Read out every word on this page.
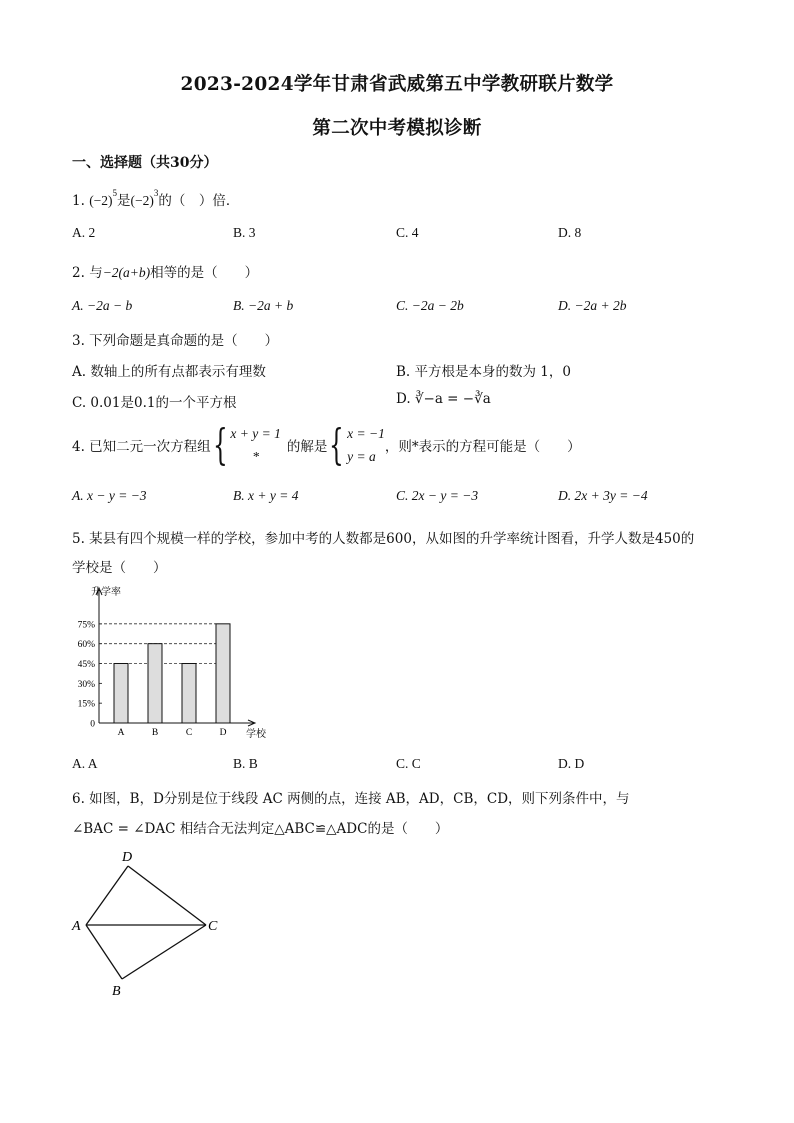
2023-2024学年甘肃省武威第五中学教研联片数学
第二次中考模拟诊断
一、选择题（共30分）
1. $(-2)^5$是$(-2)^3$的（　）倍．
A. 2	B. 3	C. 4	D. 8
2. 与−2(a+b)相等的是（　　）
A. −2a − b	B. −2a + b	C. −2a − 2b	D. −2a + 2b
3. 下列命题是真命题的是（　　）
A. 数轴上的所有点都表示有理数	B. 平方根是本身的数为 1，0
C. 0.01是0.1的一个平方根	D. ∛−a = −∛a
4. 已知二元一次方程组 { x + y = 1
*
的解是 { x = −1
y = a
，则*表示的方程可能是（　　）
A. x − y = −3	B. x + y = 4	C. 2x − y = −3	D. 2x + 3y = −4
5. 某县有四个规模一样的学校，参加中考的人数都是600，从如图的升学率统计图看，升学人数是450的
学校是（　　）
升学率
学校
0
15%
30%
45%
60%
75%
A	B	C	D
A. A	B. B	C. C	D. D
6. 如图，B，D分别是位于线段 AC 两侧的点，连接 AB，AD，CB，CD，则下列条件中，与
∠BAC = ∠DAC 相结合无法判定△ABC≌△ADC的是（　　）
D
A	C
B
